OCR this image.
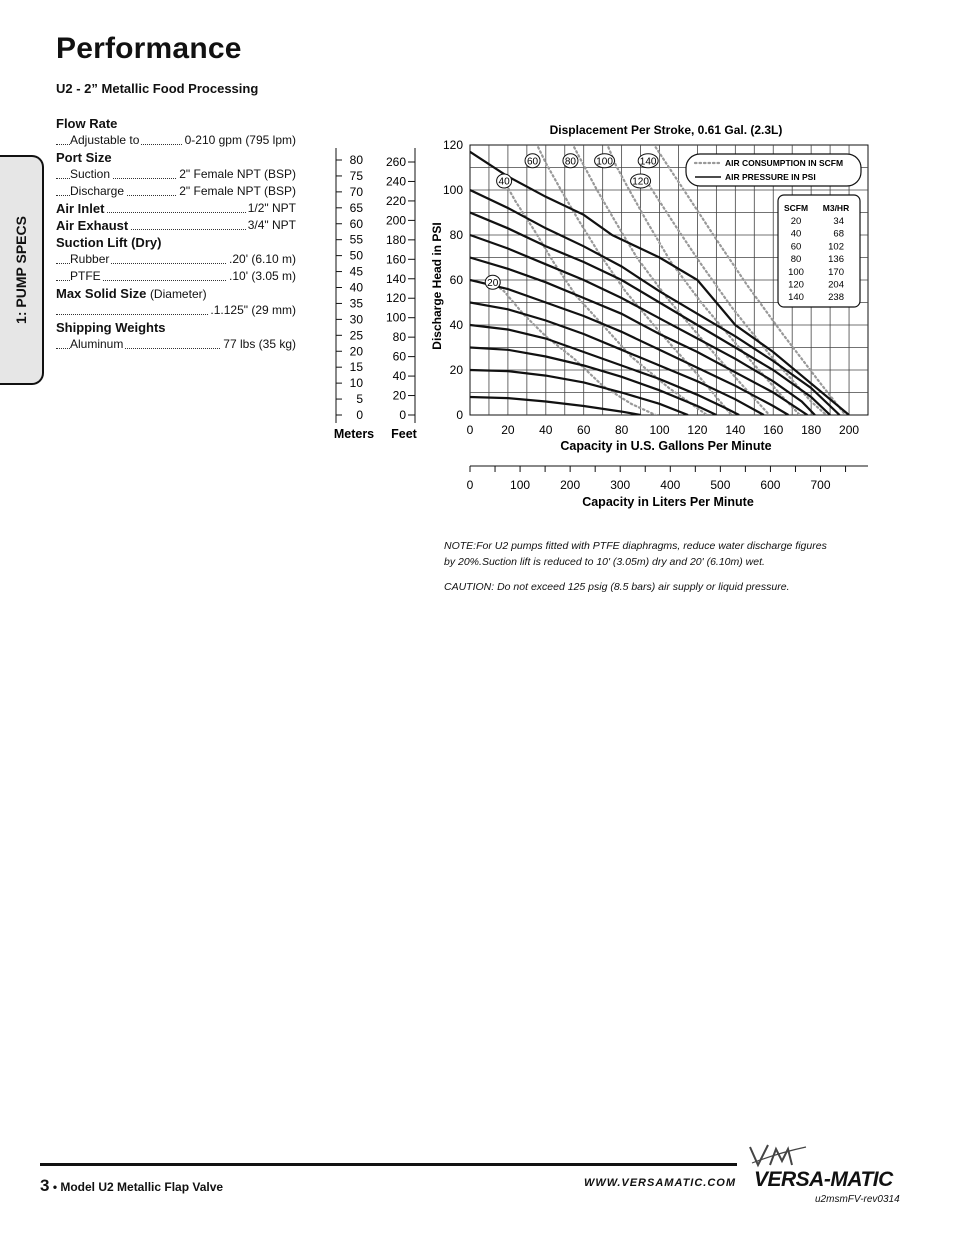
Performance
U2 - 2” Metallic Food Processing
1: PUMP SPECS
Flow Rate
Adjustable to	0-210 gpm (795 lpm)
Port Size
Suction	2" Female NPT (BSP)
Discharge	2" Female NPT (BSP)
Air Inlet	1/2" NPT
Air Exhaust	3/4" NPT
Suction Lift (Dry)
Rubber	.20' (6.10 m)
PTFE	.10' (3.05 m)
Max Solid Size (Diameter)
.1.125" (29 mm)
Shipping Weights
Aluminum	77 lbs (35 kg)
Displacement Per Stroke, 0.61 Gal. (2.3L)
0
20
40
60
80
100
120
0 20 40 60 80 100 120 140 160 180 200
Capacity in U.S. Gallons Per Minute
Discharge Head in PSI
0	100	200	300	400	500	600	700
Capacity in Liters Per Minute
0
5
10
15
20
25
30
35
40
45
50
55
60
65
70
75
80
Meters
0
20
40
60
80
100
120
140
160
180
200
220
240
260
Feet
60	80 100	140
40	120
20
AIR CONSUMPTION IN SCFM
AIR PRESSURE IN PSI
SCFM M3/HR
20	34
40	68
60	102
80	136
100	170
120	204
140	238
NOTE:For U2 pumps fitted with PTFE diaphragms, reduce water discharge figures
by 20%.Suction lift is reduced to 10' (3.05m) dry and 20' (6.10m) wet.
CAUTION: Do not exceed 125 psig (8.5 bars) air supply or liquid pressure.
3 • Model U2 Metallic Flap Valve	WWW.VERSAMATIC.COM VERSA-MATIC
u2msmFV-rev0314
